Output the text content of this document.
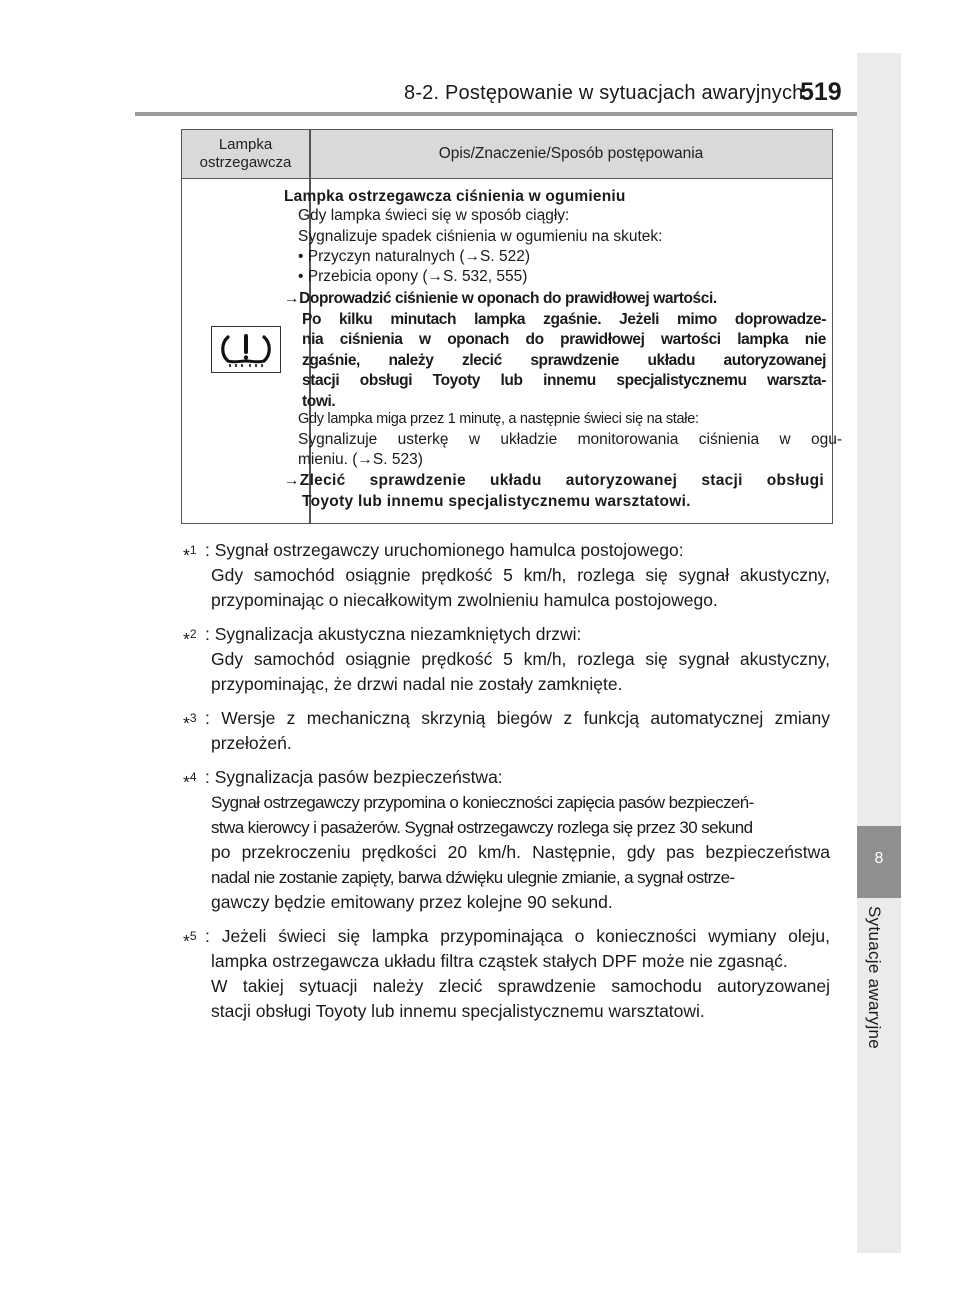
8-2. Postępowanie w sytuacjach awaryjnych
519
8
Sytuacje awaryjne
Lampka ostrzegawcza
Opis/Znaczenie/Sposób postępowania
Lampka ostrzegawcza ciśnienia w ogumieniu
Gdy lampka świeci się w sposób ciągły:
Sygnalizuje spadek ciśnienia w ogumieniu na skutek:
• Przyczyn naturalnych (→S. 522)
• Przebicia opony (→S. 532, 555)
→Doprowadzić ciśnienie w oponach do prawidłowej wartości.
Po kilku minutach lampka zgaśnie. Jeżeli mimo doprowadze-
nia ciśnienia w oponach do prawidłowej wartości lampka nie
zgaśnie, należy zlecić sprawdzenie układu autoryzowanej
stacji obsługi Toyoty lub innemu specjalistycznemu warszta-
towi.
Gdy lampka miga przez 1 minutę, a następnie świeci się na stałe:
Sygnalizuje usterkę w układzie monitorowania ciśnienia w ogu-
mieniu. (→S. 523)
→Zlecić sprawdzenie układu autoryzowanej stacji obsługi
Toyoty lub innemu specjalistycznemu warsztatowi.
*$^1$ : Sygnał ostrzegawczy uruchomionego hamulca postojowego:
Gdy samochód osiągnie prędkość 5 km/h, rozlega się sygnał akustyczny,
przypominając o niecałkowitym zwolnieniu hamulca postojowego.
*$^2$ : Sygnalizacja akustyczna niezamkniętych drzwi:
Gdy samochód osiągnie prędkość 5 km/h, rozlega się sygnał akustyczny,
przypominając, że drzwi nadal nie zostały zamknięte.
*$^3$ : Wersje z mechaniczną skrzynią biegów z funkcją automatycznej zmiany
przełożeń.
*$^4$ : Sygnalizacja pasów bezpieczeństwa:
Sygnał ostrzegawczy przypomina o konieczności zapięcia pasów bezpieczeń-
stwa kierowcy i pasażerów. Sygnał ostrzegawczy rozlega się przez 30 sekund
po przekroczeniu prędkości 20 km/h. Następnie, gdy pas bezpieczeństwa
nadal nie zostanie zapięty, barwa dźwięku ulegnie zmianie, a sygnał ostrze-
gawczy będzie emitowany przez kolejne 90 sekund.
*$^5$ : Jeżeli świeci się lampka przypominająca o konieczności wymiany oleju,
lampka ostrzegawcza układu filtra cząstek stałych DPF może nie zgasnąć.
W takiej sytuacji należy zlecić sprawdzenie samochodu autoryzowanej
stacji obsługi Toyoty lub innemu specjalistycznemu warsztatowi.
